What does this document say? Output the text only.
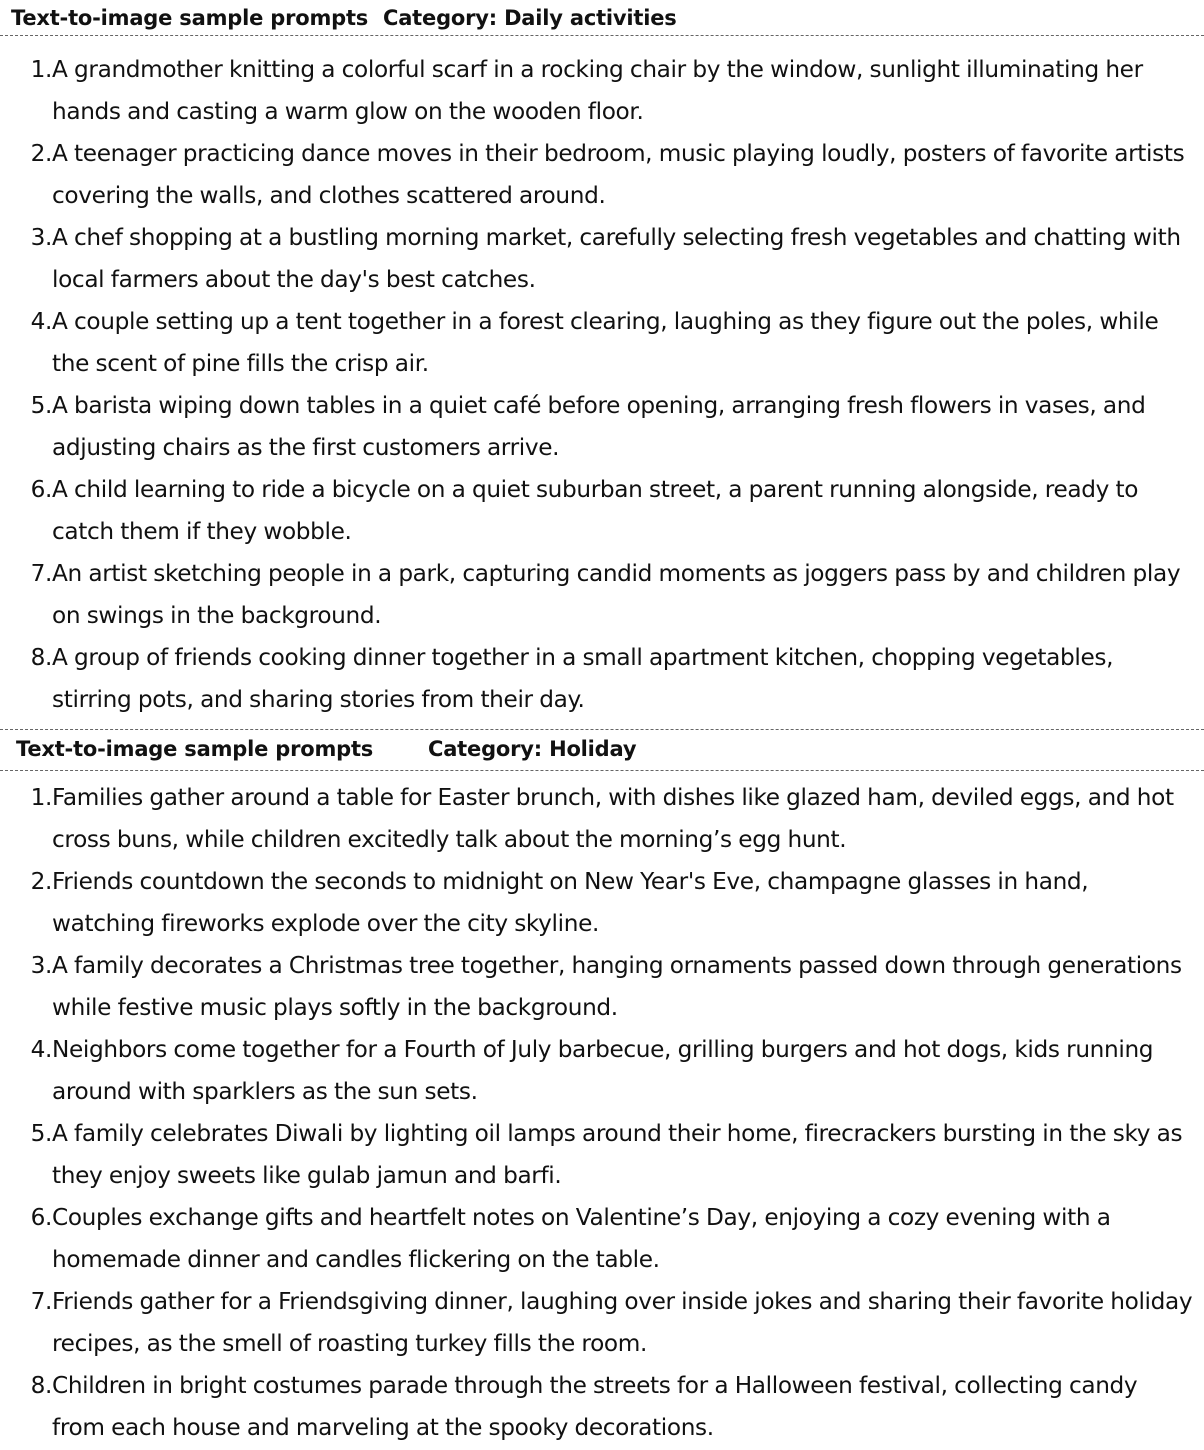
Text-to-image sample prompts Category: Daily activities
1. A grandmother knitting a colorful scarf in a rocking chair by the window, sunlight illuminating her hands and casting a warm glow on the wooden floor.
2. A teenager practicing dance moves in their bedroom, music playing loudly, posters of favorite artists covering the walls, and clothes scattered around.
3. A chef shopping at a bustling morning market, carefully selecting fresh vegetables and chatting with local farmers about the day's best catches.
4. A couple setting up a tent together in a forest clearing, laughing as they figure out the poles, while the scent of pine fills the crisp air.
5. A barista wiping down tables in a quiet café before opening, arranging fresh flowers in vases, and adjusting chairs as the first customers arrive.
6. A child learning to ride a bicycle on a quiet suburban street, a parent running alongside, ready to catch them if they wobble.
7. An artist sketching people in a park, capturing candid moments as joggers pass by and children play on swings in the background.
8. A group of friends cooking dinner together in a small apartment kitchen, chopping vegetables, stirring pots, and sharing stories from their day.
Text-to-image sample prompts	Category: Holiday
1. Families gather around a table for Easter brunch, with dishes like glazed ham, deviled eggs, and hot cross buns, while children excitedly talk about the morning’s egg hunt.
2. Friends countdown the seconds to midnight on New Year's Eve, champagne glasses in hand, watching fireworks explode over the city skyline.
3. A family decorates a Christmas tree together, hanging ornaments passed down through generations while festive music plays softly in the background.
4. Neighbors come together for a Fourth of July barbecue, grilling burgers and hot dogs, kids running around with sparklers as the sun sets.
5. A family celebrates Diwali by lighting oil lamps around their home, firecrackers bursting in the sky as they enjoy sweets like gulab jamun and barfi.
6. Couples exchange gifts and heartfelt notes on Valentine’s Day, enjoying a cozy evening with a homemade dinner and candles flickering on the table.
7. Friends gather for a Friendsgiving dinner, laughing over inside jokes and sharing their favorite holiday recipes, as the smell of roasting turkey fills the room.
8. Children in bright costumes parade through the streets for a Halloween festival, collecting candy from each house and marveling at the spooky decorations.
